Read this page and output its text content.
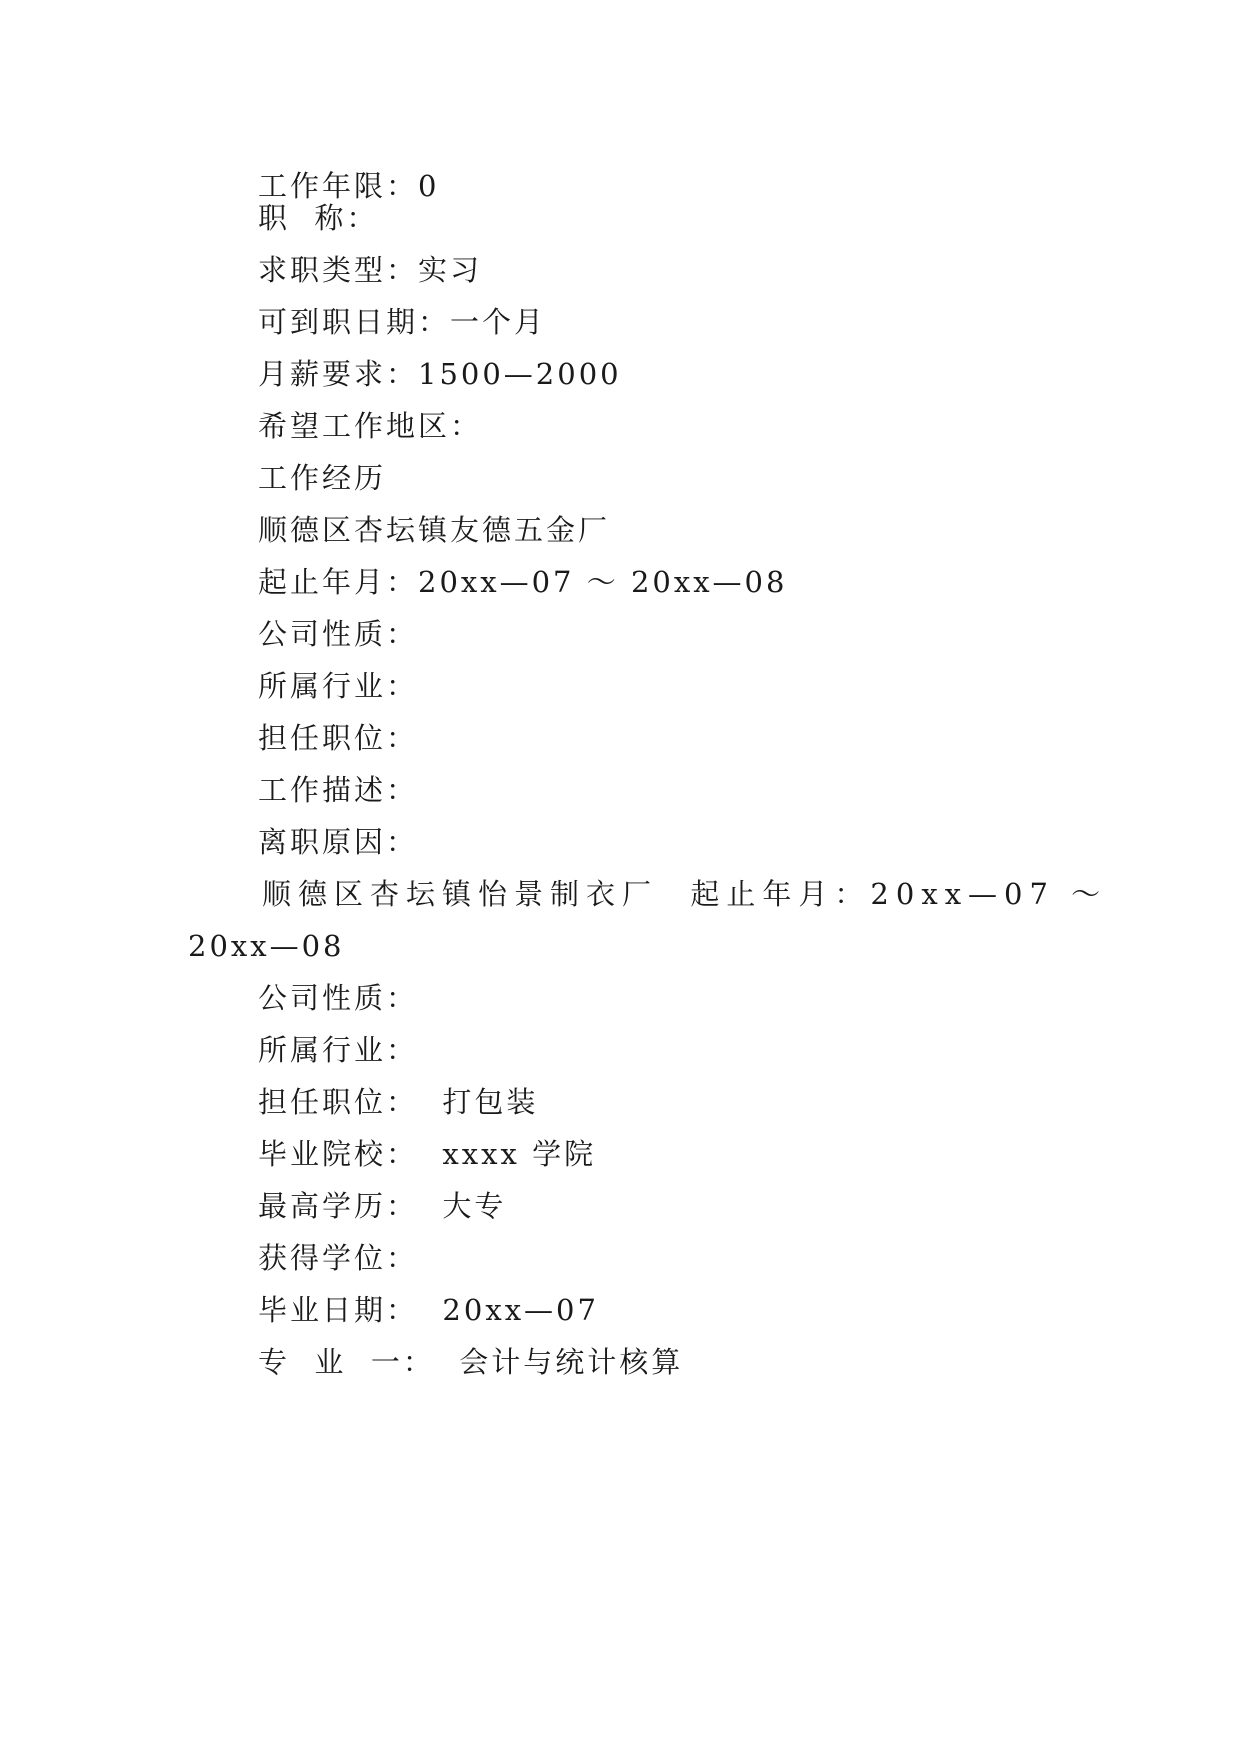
工作年限：0
职  称：
求职类型：实习
可到职日期：一个月
月薪要求：1500—2000
希望工作地区：
工作经历
顺德区杏坛镇友德五金厂
起止年月：20xx—07 ～ 20xx—08
公司性质：
所属行业：
担任职位：
工作描述：
离职原因：
顺德区杏坛镇怡景制衣厂  起止年月：20xx—07 ～
20xx—08
公司性质：
所属行业：
担任职位：  打包装
毕业院校：  xxxx 学院
最高学历：  大专
获得学位：
毕业日期：  20xx—07
专  业  一：  会计与统计核算
